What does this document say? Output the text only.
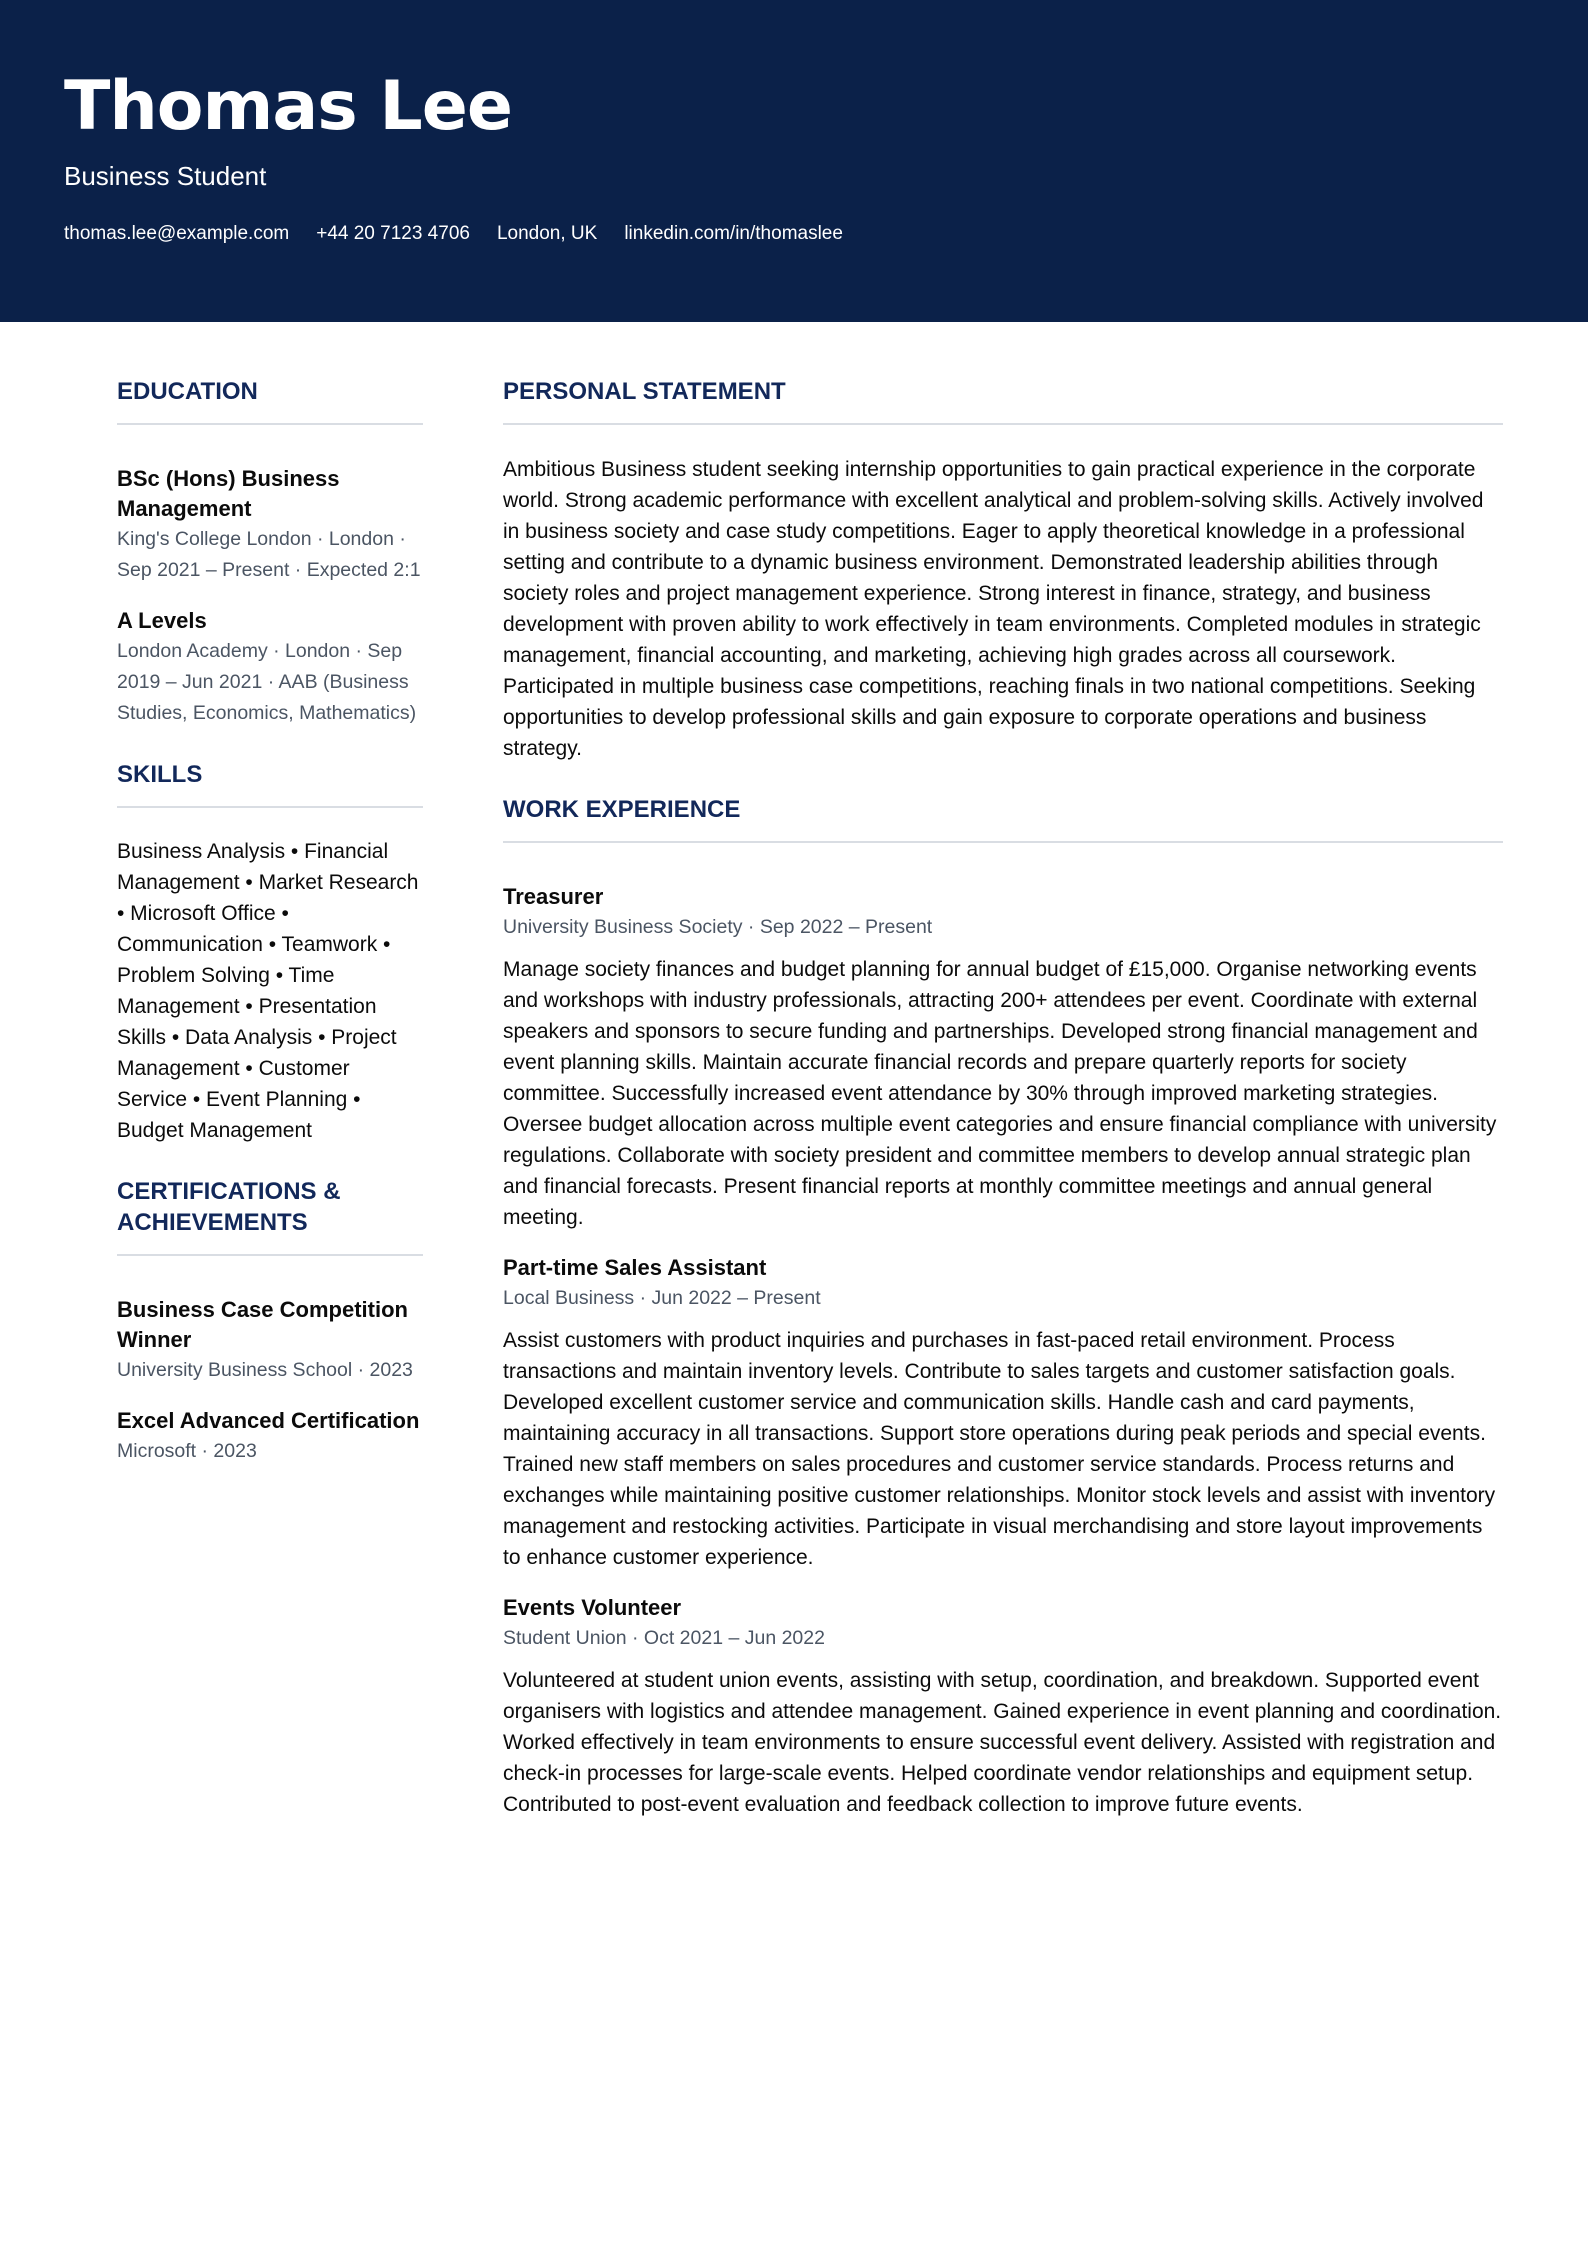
Thomas Lee
Business Student
thomas.lee@example.com +44 20 7123 4706 London, UK linkedin.com/in/thomaslee
EDUCATION
BSc (Hons) Business Management
King's College London · London · Sep 2021 – Present · Expected 2:1
A Levels
London Academy · London · Sep 2019 – Jun 2021 · AAB (Business Studies, Economics, Mathematics)
SKILLS
Business Analysis • Financial Management • Market Research • Microsoft Office • Communication • Teamwork • Problem Solving • Time Management • Presentation Skills • Data Analysis • Project Management • Customer Service • Event Planning • Budget Management
CERTIFICATIONS & ACHIEVEMENTS
Business Case Competition Winner
University Business School · 2023
Excel Advanced Certification
Microsoft · 2023
PERSONAL STATEMENT
Ambitious Business student seeking internship opportunities to gain practical experience in the corporate world. Strong academic performance with excellent analytical and problem-solving skills. Actively involved in business society and case study competitions. Eager to apply theoretical knowledge in a professional setting and contribute to a dynamic business environment. Demonstrated leadership abilities through society roles and project management experience. Strong interest in finance, strategy, and business development with proven ability to work effectively in team environments. Completed modules in strategic management, financial accounting, and marketing, achieving high grades across all coursework. Participated in multiple business case competitions, reaching finals in two national competitions. Seeking opportunities to develop professional skills and gain exposure to corporate operations and business strategy.
WORK EXPERIENCE
Treasurer
University Business Society · Sep 2022 – Present
Manage society finances and budget planning for annual budget of £15,000. Organise networking events and workshops with industry professionals, attracting 200+ attendees per event. Coordinate with external speakers and sponsors to secure funding and partnerships. Developed strong financial management and event planning skills. Maintain accurate financial records and prepare quarterly reports for society committee. Successfully increased event attendance by 30% through improved marketing strategies. Oversee budget allocation across multiple event categories and ensure financial compliance with university regulations. Collaborate with society president and committee members to develop annual strategic plan and financial forecasts. Present financial reports at monthly committee meetings and annual general meeting.
Part-time Sales Assistant
Local Business · Jun 2022 – Present
Assist customers with product inquiries and purchases in fast-paced retail environment. Process transactions and maintain inventory levels. Contribute to sales targets and customer satisfaction goals. Developed excellent customer service and communication skills. Handle cash and card payments, maintaining accuracy in all transactions. Support store operations during peak periods and special events. Trained new staff members on sales procedures and customer service standards. Process returns and exchanges while maintaining positive customer relationships. Monitor stock levels and assist with inventory management and restocking activities. Participate in visual merchandising and store layout improvements to enhance customer experience.
Events Volunteer
Student Union · Oct 2021 – Jun 2022
Volunteered at student union events, assisting with setup, coordination, and breakdown. Supported event organisers with logistics and attendee management. Gained experience in event planning and coordination. Worked effectively in team environments to ensure successful event delivery. Assisted with registration and check-in processes for large-scale events. Helped coordinate vendor relationships and equipment setup. Contributed to post-event evaluation and feedback collection to improve future events.
